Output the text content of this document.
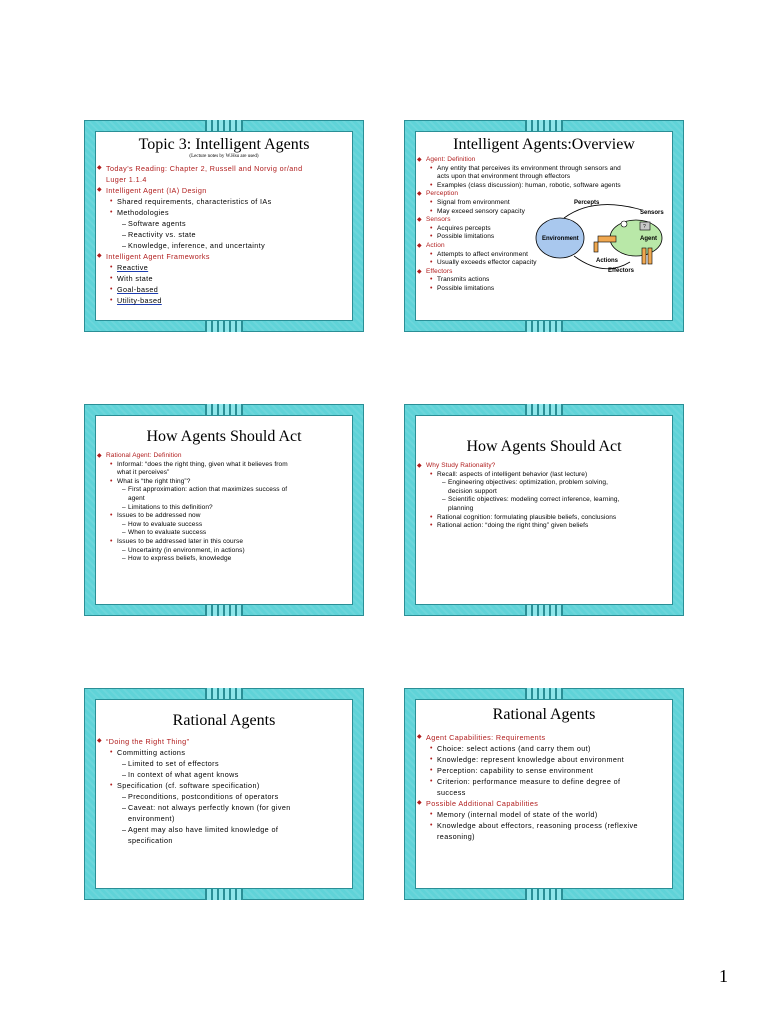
Topic 3: Intelligent Agents
(Lecture notes by W.Hsu are used)
◆ Today’s Reading: Chapter 2, Russell and Norvig or/and
Luger 1.1.4
◆ Intelligent Agent (IA) Design
• Shared requirements, characteristics of IAs
• Methodologies
– Software agents
– Reactivity vs. state
– Knowledge, inference, and uncertainty
◆ Intelligent Agent Frameworks
• Reactive
• With state
• Goal-based
• Utility-based
Intelligent Agents:Overview
◆ Agent: Definition
• Any entity that perceives its environment through sensors and
acts upon that environment through effectors
• Examples (class discussion): human, robotic, software agents
◆ Perception
• Signal from environment
• May exceed sensory capacity
◆ Sensors
• Acquires percepts
• Possible limitations
◆ Action
• Attempts to affect environment
• Usually exceeds effector capacity
◆ Effectors
• Transmits actions
• Possible limitations
Percepts
Sensors
Environment
?
Agent
Actions
Effectors
How Agents Should Act
◆ Rational Agent: Definition
• Informal: “does the right thing, given what it believes from
what it perceives”
• What is “the right thing”?
– First approximation: action that maximizes success of
agent
– Limitations to this definition?
• Issues to be addressed now
– How to evaluate success
– When to evaluate success
• Issues to be addressed later in this course
– Uncertainty (in environment, in actions)
– How to express beliefs, knowledge
How Agents Should Act
◆ Why Study Rationality?
• Recall: aspects of intelligent behavior (last lecture)
– Engineering objectives: optimization, problem solving,
decision support
– Scientific objectives: modeling correct inference, learning,
planning
• Rational cognition: formulating plausible beliefs, conclusions
• Rational action: “doing the right thing” given beliefs
Rational Agents
◆ “Doing the Right Thing”
• Committing actions
– Limited to set of effectors
– In context of what agent knows
• Specification (cf. software specification)
– Preconditions, postconditions of operators
– Caveat: not always perfectly known (for given
environment)
– Agent may also have limited knowledge of
specification
Rational Agents
◆ Agent Capabilities: Requirements
• Choice: select actions (and carry them out)
• Knowledge: represent knowledge about environment
• Perception: capability to sense environment
• Criterion: performance measure to define degree of
success
◆ Possible Additional Capabilities
• Memory (internal model of state of the world)
• Knowledge about effectors, reasoning process (reflexive
reasoning)
1
